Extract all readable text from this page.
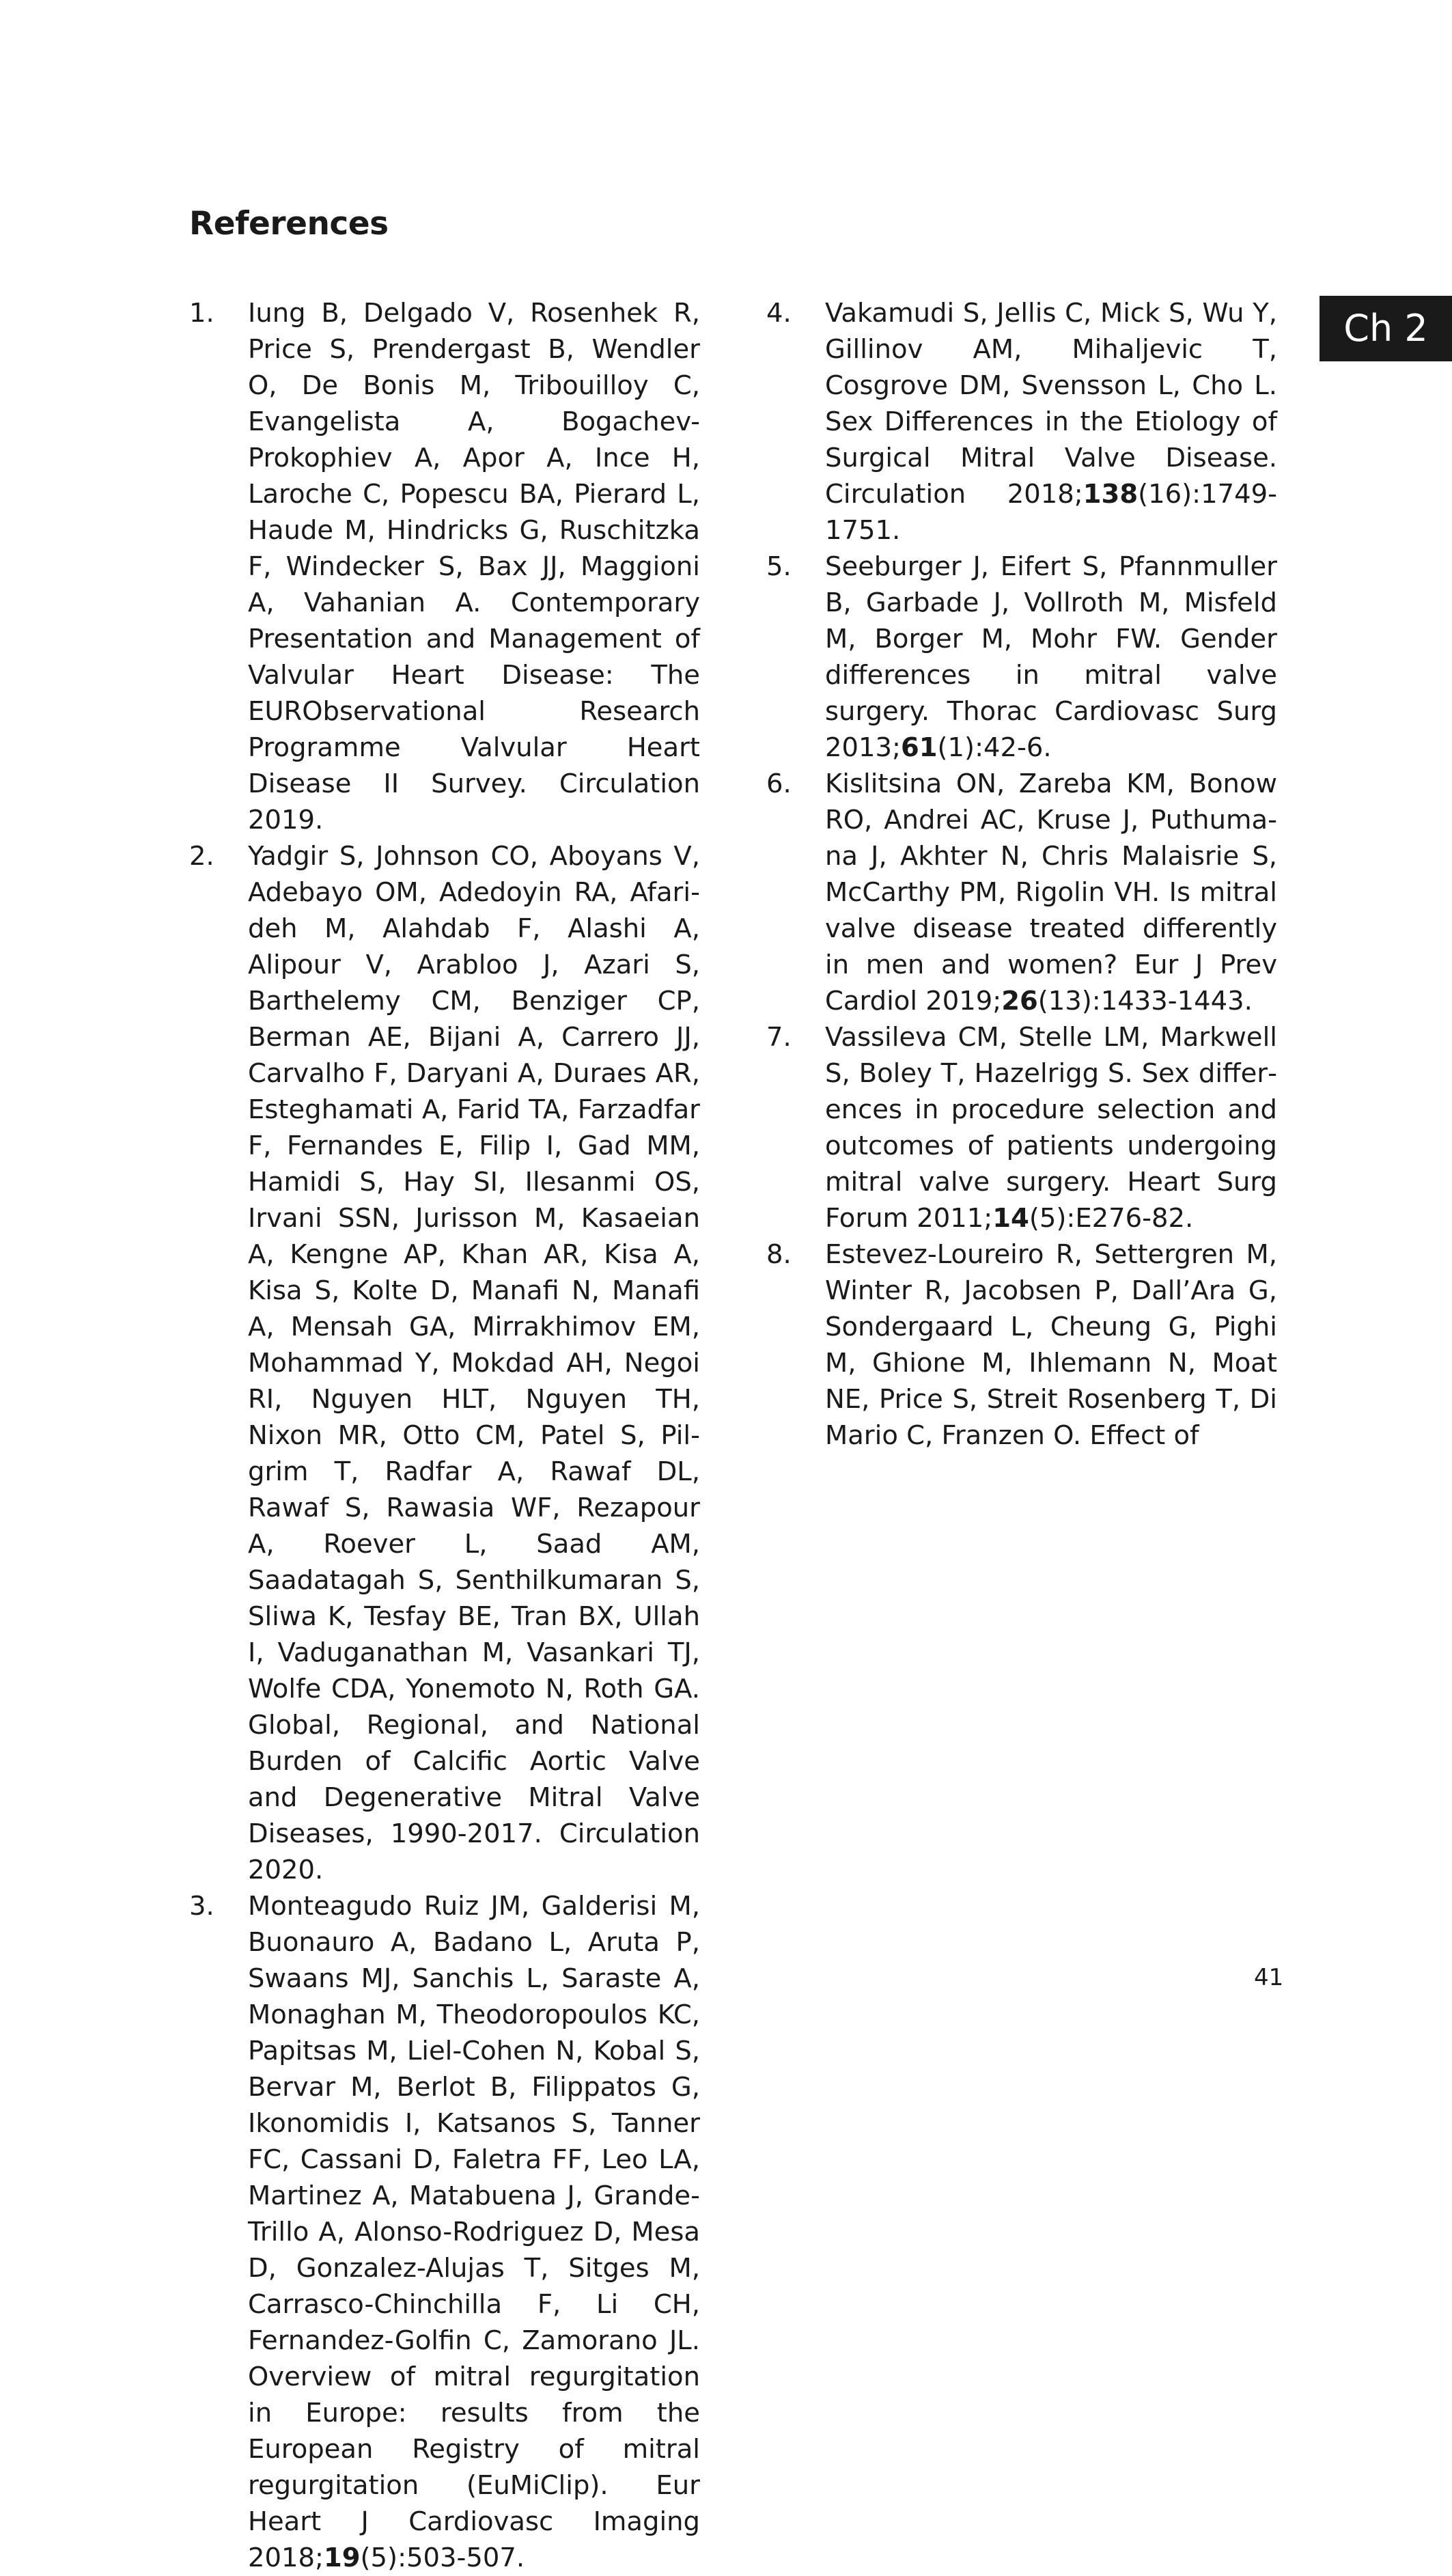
References
Ch 2
1. Iung B, Delgado V, Rosenhek R, Price S, Prendergast B, Wendler O, De Bonis M, Tribouilloy C, Evangelista A, Bogachev-Prokophiev A, Apor A, Ince H, Laroche C, Popescu BA, Pierard L, Haude M, Hindricks G, Ruschitzka F, Windecker S, Bax JJ, Maggioni A, Vahanian A. Contemporary Presentation and Management of Valvular Heart Disease: The EURObservational Research Programme Valvular Heart Disease II Survey. Circulation 2019.
2. Yadgir S, Johnson CO, Aboyans V, Adebayo OM, Adedoyin RA, Afarideh M, Alahdab F, Alashi A, Alipour V, Arabloo J, Azari S, Barthelemy CM, Benziger CP, Berman AE, Bijani A, Carrero JJ, Carvalho F, Daryani A, Duraes AR, Esteghamati A, Farid TA, Farzadfar F, Fernandes E, Filip I, Gad MM, Hamidi S, Hay SI, Ilesanmi OS, Irvani SSN, Jurisson M, Kasaeian A, Kengne AP, Khan AR, Kisa A, Kisa S, Kolte D, Manafi N, Manafi A, Mensah GA, Mirrakhimov EM, Mohammad Y, Mokdad AH, Negoi RI, Nguyen HLT, Nguyen TH, Nixon MR, Otto CM, Patel S, Pilgrim T, Radfar A, Rawaf DL, Rawaf S, Rawasia WF, Rezapour A, Roever L, Saad AM, Saadatagah S, Senthilkumaran S, Sliwa K, Tesfay BE, Tran BX, Ullah I, Vaduganathan M, Vasankari TJ, Wolfe CDA, Yonemoto N, Roth GA. Global, Regional, and National Burden of Calcific Aortic Valve and Degenerative Mitral Valve Diseases, 1990-2017. Circulation 2020.
3. Monteagudo Ruiz JM, Galderisi M, Buonauro A, Badano L, Aruta P, Swaans MJ, Sanchis L, Saraste A, Monaghan M, Theodoropoulos KC, Papitsas M, Liel-Cohen N, Kobal S, Bervar M, Berlot B, Filippatos G, Ikonomidis I, Katsanos S, Tanner FC, Cassani D, Faletra FF, Leo LA, Martinez A, Matabuena J, Grande-Trillo A, Alonso-Rodriguez D, Mesa D, Gonzalez-Alujas T, Sitges M, Carrasco-Chinchilla F, Li CH, Fernandez-Golfin C, Zamorano JL. Overview of mitral regurgitation in Europe: results from the European Registry of mitral regurgitation (EuMiClip). Eur Heart J Cardiovasc Imaging 2018;19(5):503-507.
4. Vakamudi S, Jellis C, Mick S, Wu Y, Gillinov AM, Mihaljevic T, Cosgrove DM, Svensson L, Cho L. Sex Differences in the Etiology of Surgical Mitral Valve Disease. Circulation 2018;138(16):1749-1751.
5. Seeburger J, Eifert S, Pfannmuller B, Garbade J, Vollroth M, Misfeld M, Borger M, Mohr FW. Gender differences in mitral valve surgery. Thorac Cardiovasc Surg 2013;61(1):42-6.
6. Kislitsina ON, Zareba KM, Bonow RO, Andrei AC, Kruse J, Puthumana J, Akhter N, Chris Malaisrie S, McCarthy PM, Rigolin VH. Is mitral valve disease treated differently in men and women? Eur J Prev Cardiol 2019;26(13):1433-1443.
7. Vassileva CM, Stelle LM, Markwell S, Boley T, Hazelrigg S. Sex differences in procedure selection and outcomes of patients undergoing mitral valve surgery. Heart Surg Forum 2011;14(5):E276-82.
8. Estevez-Loureiro R, Settergren M, Winter R, Jacobsen P, Dall’Ara G, Sondergaard L, Cheung G, Pighi M, Ghione M, Ihlemann N, Moat NE, Price S, Streit Rosenberg T, Di Mario C, Franzen O. Effect of
41
